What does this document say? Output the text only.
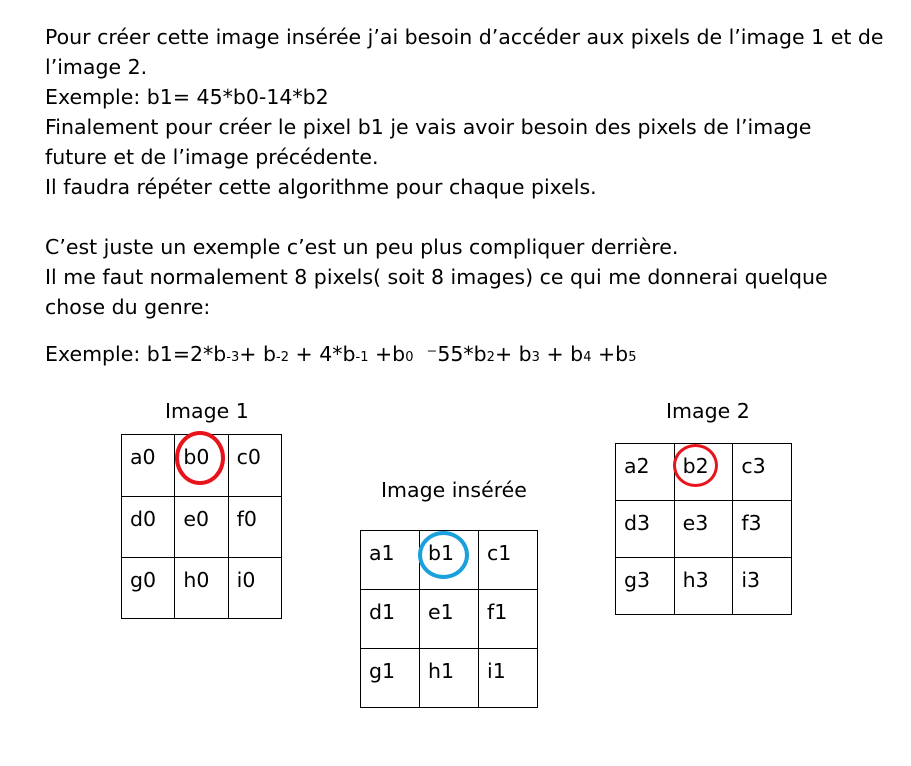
Pour créer cette image insérée j’ai besoin d’accéder aux pixels de l’image 1 et de
l’image 2.
Exemple: b1= 45*b0-14*b2
Finalement pour créer le pixel b1 je vais avoir besoin des pixels de l’image
future et de l’image précédente.
Il faudra répéter cette algorithme pour chaque pixels.
C’est juste un exemple c’est un peu plus compliquer derrière.
Il me faut normalement 8 pixels( soit 8 images) ce qui me donnerai quelque
chose du genre:
Exemple: b1=2*b-3+ b-2 + 4*b-1 +b0  ⁻55*b2+ b3 + b4 +b5
Image 1
a0	b0	c0
d0	e0	f0
g0	h0	i0
Image insérée
a1	b1	c1
d1	e1	f1
g1	h1	i1
Image 2
a2	b2	c3
d3	e3	f3
g3	h3	i3
